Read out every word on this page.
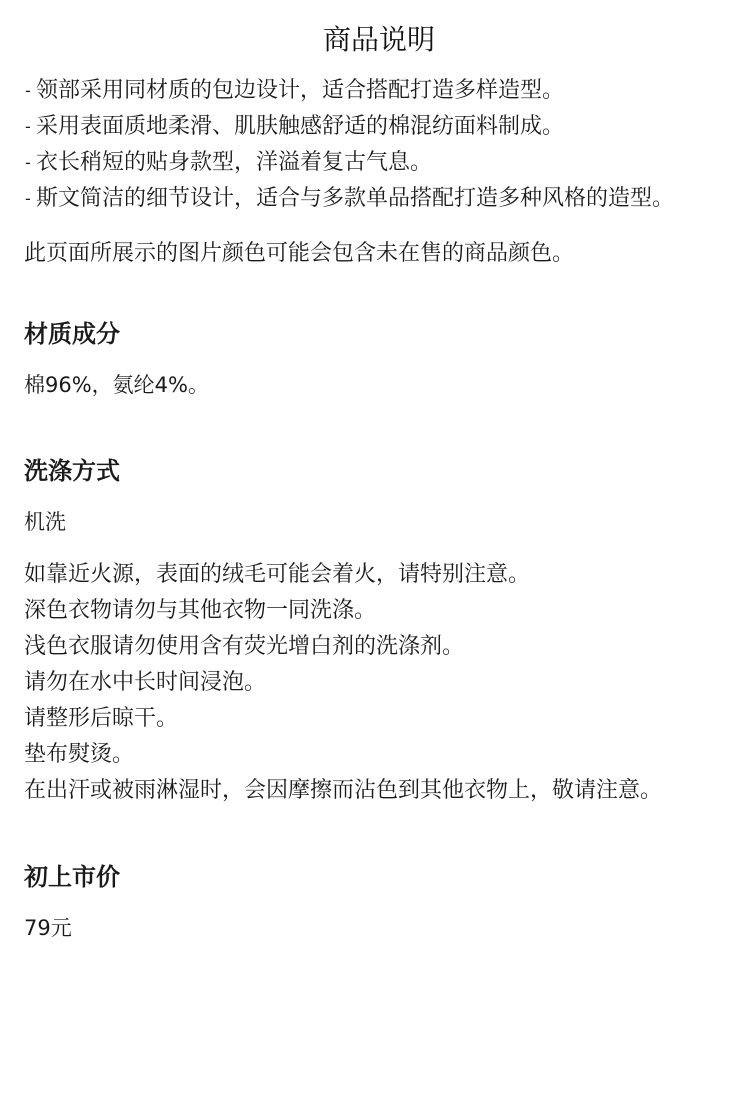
商品说明
- 领部采用同材质的包边设计，适合搭配打造多样造型。
- 采用表面质地柔滑、肌肤触感舒适的棉混纺面料制成。
- 衣长稍短的贴身款型，洋溢着复古气息。
- 斯文简洁的细节设计，适合与多款单品搭配打造多种风格的造型。
此页面所展示的图片颜色可能会包含未在售的商品颜色。
材质成分
棉96%，氨纶4%。
洗涤方式
机洗
如靠近火源，表面的绒毛可能会着火，请特别注意。
深色衣物请勿与其他衣物一同洗涤。
浅色衣服请勿使用含有荧光增白剂的洗涤剂。
请勿在水中长时间浸泡。
请整形后晾干。
垫布熨烫。
在出汗或被雨淋湿时，会因摩擦而沾色到其他衣物上，敬请注意。
初上市价
79元
